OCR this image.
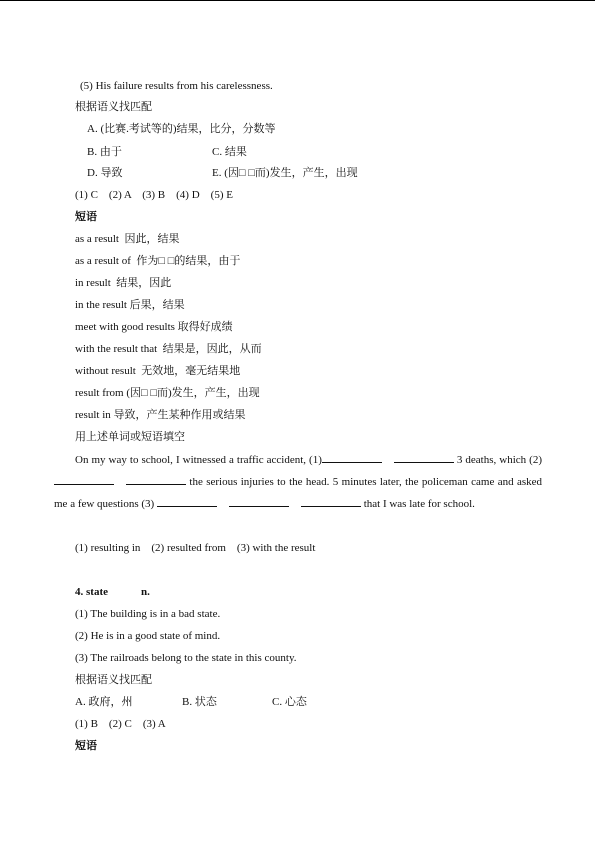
(5) His failure results from his carelessness.
根据语义找匹配
A. (比赛.考试等的)结果，比分，分数等
B. 由于	C. 结果
D. 导致	E. (因□ □而)发生，产生，出现
(1) C    (2) A    (3) B    (4) D    (5) E
短语
as a result  因此，结果
as a result of  作为□ □的结果，由于
in result  结果，因此
in the result 后果，结果
meet with good results 取得好成绩
with the result that  结果是，因此，从而
without result  无效地，毫无结果地
result from (因□ □而)发生，产生，出现
result in 导致，产生某种作用或结果
用上述单词或短语填空
On my way to school, I witnessed a traffic accident, (1)	3 deaths, which (2) the serious injuries to the head. 5 minutes later, the policeman came and asked me a few questions (3)	that I was late for school.
(1) resulting in    (2) resulted from    (3) with the result
4. state	n.
(1) The building is in a bad state.
(2) He is in a good state of mind.
(3) The railroads belong to the state in this county.
根据语义找匹配
A. 政府，州	B. 状态	C. 心态
(1) B    (2) C    (3) A
短语
